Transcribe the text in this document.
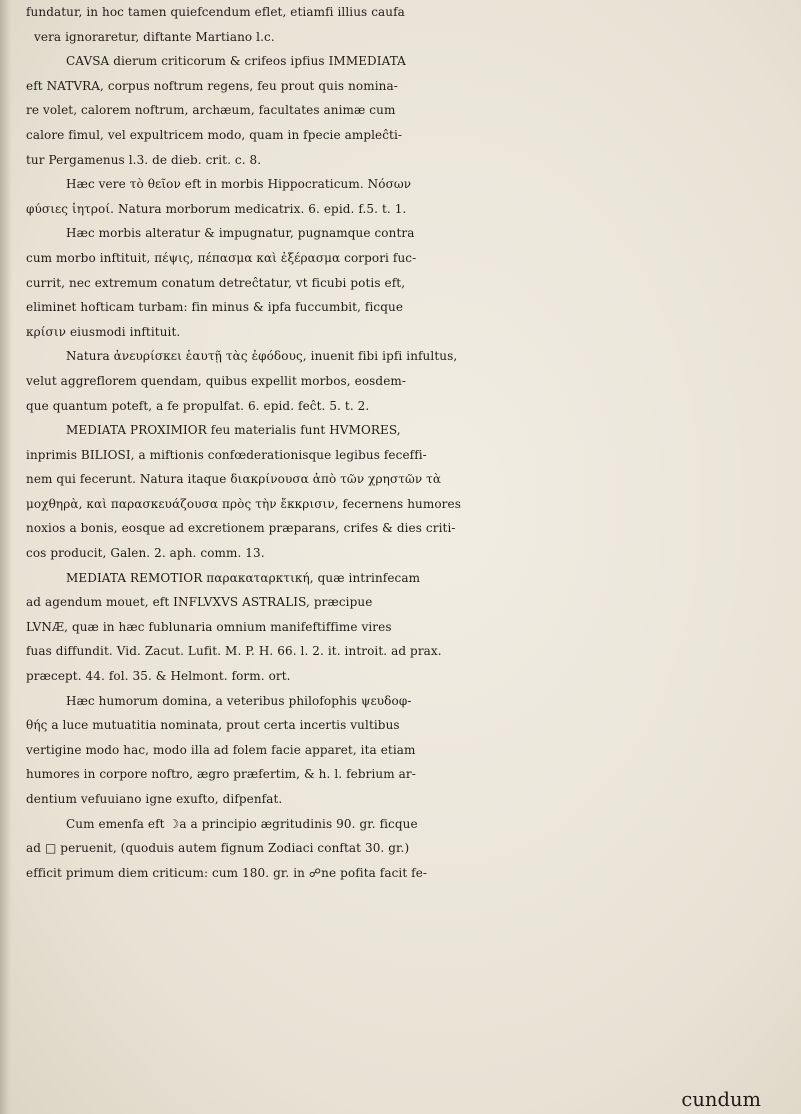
fundatur, in hoc tamen quiefcendum eflet, etiamfi illius caufa
vera ignoraretur, diftante Martiano l.c.
CAVSA dierum criticorum & crifeos ipfius IMMEDIATA
eft NATVRA, corpus noftrum regens, feu prout quis nomina-
re volet, calorem noftrum, archæum, facultates animæ cum
calore fimul, vel expultricem modo, quam in fpecie ampleĉti-
tur Pergamenus l.3. de dieb. crit. c. 8.
Hæc vere τὸ θεῖον eft in morbis Hippocraticum. Νόσων
φύσιες ἰητροί. Natura morborum medicatrix. 6. epid. f.5. t. 1.
Hæc morbis alteratur & impugnatur, pugnamque contra
cum morbo inftituit, πέψις, πέπασμα καὶ ἐξέρασμα corpori fuc-
currit, nec extremum conatum detreĉtatur, vt ficubi potis eft,
eliminet hofticam turbam: fin minus & ipfa fuccumbit, ficque
κρίσιν eiusmodi inftituit.
Natura ἀνευρίσκει ἑαυτῇ τὰς ἐφόδους, inuenit fibi ipfi infultus,
velut aggreflorem quendam, quibus expellit morbos, eosdem-
que quantum poteft, a fe propulfat. 6. epid. feĉt. 5. t. 2.
MEDIATA PROXIMIOR feu materialis funt HVMORES,
inprimis BILIOSI, a miftionis confœderationisque legibus feceffi-
nem qui fecerunt. Natura itaque διακρίνουσα ἀπὸ τῶν χρηστῶν τὰ
μοχθηρὰ, καὶ παρασκευάζουσα πρὸς τὴν ἔκκρισιν, fecernens humores
noxios a bonis, eosque ad excretionem præparans, crifes & dies criti-
cos producit, Galen. 2. aph. comm. 13.
MEDIATA REMOTIOR παρακαταρκτική, quæ intrinfecam
ad agendum mouet, eft INFLVXVS ASTRALIS, præcipue
LVNÆ, quæ in hæc fublunaria omnium manifeftiffime vires
fuas diffundit. Vid. Zacut. Lufit. M. P. H. 66. l. 2. it. introit. ad prax.
præcept. 44. fol. 35. & Helmont. form. ort.
Hæc humorum domina, a veteribus philofophis ψευδοφ-
θής a luce mutuatitia nominata, prout certa incertis vultibus
vertigine modo hac, modo illa ad folem facie apparet, ita etiam
humores in corpore noftro, ægro præfertim, & h. l. febrium ar-
dentium vefuuiano igne exufto, difpenfat.
Cum emenfa eft ☽a a principio ægritudinis 90. gr. ficque
ad □ peruenit, (quoduis autem fignum Zodiaci conftat 30. gr.)
efficit primum diem criticum: cum 180. gr. in ☍ne pofita facit fe-
cundum
